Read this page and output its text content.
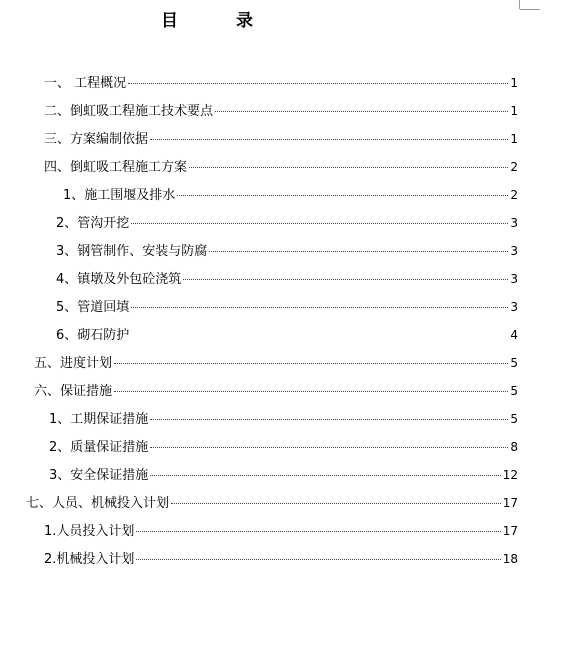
目 录
一、 工程概况	1
二、倒虹吸工程施工技术要点	1
三、方案编制依据	1
四、倒虹吸工程施工方案	2
1、施工围堰及排水	2
2、管沟开挖	3
3、钢管制作、安装与防腐	3
4、镇墩及外包砼浇筑	3
5、管道回填	3
6、砌石防护	4
五、进度计划	5
六、保证措施	5
1、工期保证措施	5
2、质量保证措施	8
3、安全保证措施	12
七、人员、机械投入计划	17
1.人员投入计划	17
2.机械投入计划	18
